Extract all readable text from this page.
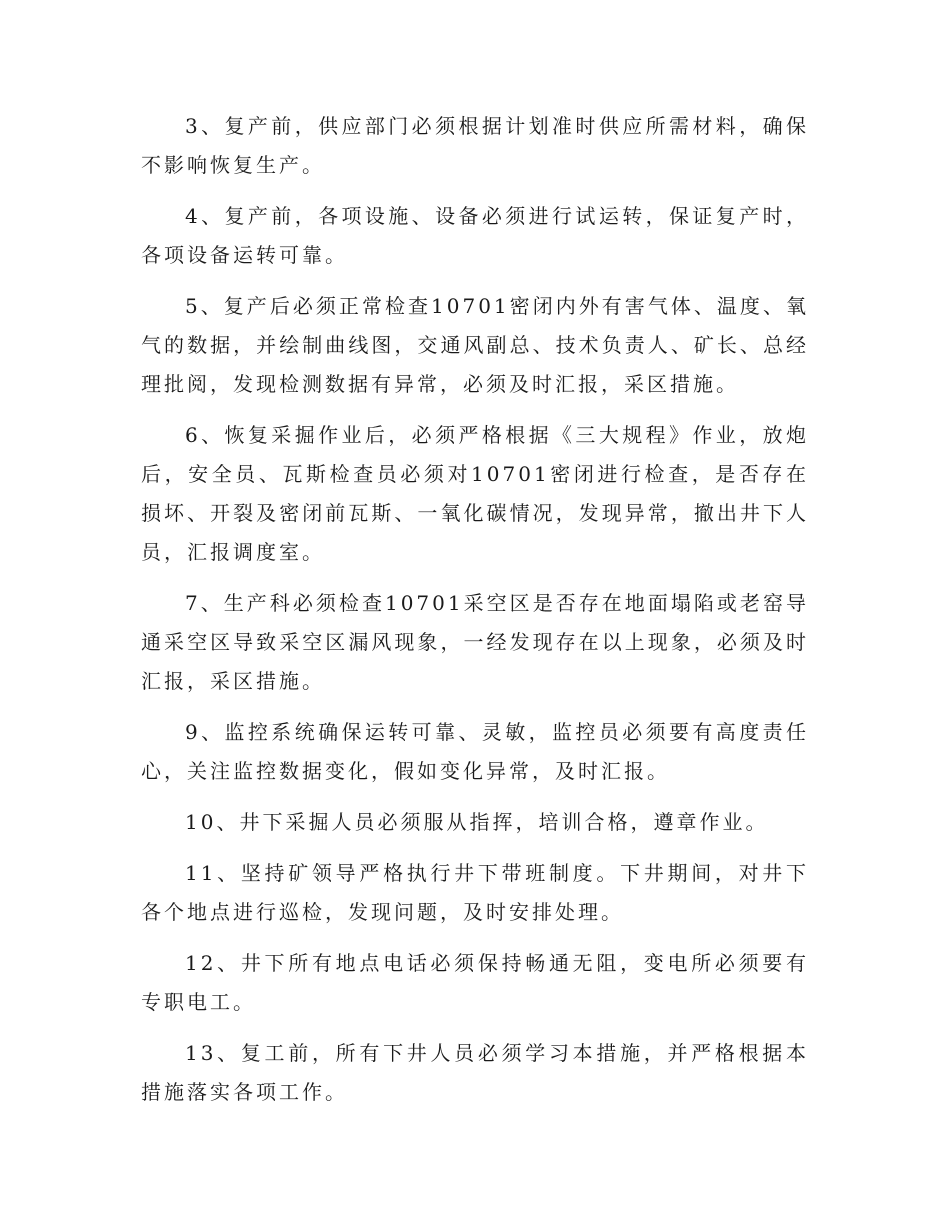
3、复产前，供应部门必须根据计划准时供应所需材料，确保不影响恢复生产。

4、复产前，各项设施、设备必须进行试运转，保证复产时，各项设备运转可靠。

5、复产后必须正常检查10701密闭内外有害气体、温度、氧气的数据，并绘制曲线图，交通风副总、技术负责人、矿长、总经理批阅，发现检测数据有异常，必须及时汇报，采区措施。

6、恢复采掘作业后，必须严格根据《三大规程》作业，放炮后，安全员、瓦斯检查员必须对10701密闭进行检查，是否存在损坏、开裂及密闭前瓦斯、一氧化碳情况，发现异常，撤出井下人员，汇报调度室。

7、生产科必须检查10701采空区是否存在地面塌陷或老窑导通采空区导致采空区漏风现象，一经发现存在以上现象，必须及时汇报，采区措施。

9、监控系统确保运转可靠、灵敏，监控员必须要有高度责任心，关注监控数据变化，假如变化异常，及时汇报。

10、井下采掘人员必须服从指挥，培训合格，遵章作业。

11、坚持矿领导严格执行井下带班制度。下井期间，对井下各个地点进行巡检，发现问题，及时安排处理。

12、井下所有地点电话必须保持畅通无阻，变电所必须要有专职电工。

13、复工前，所有下井人员必须学习本措施，并严格根据本措施落实各项工作。
